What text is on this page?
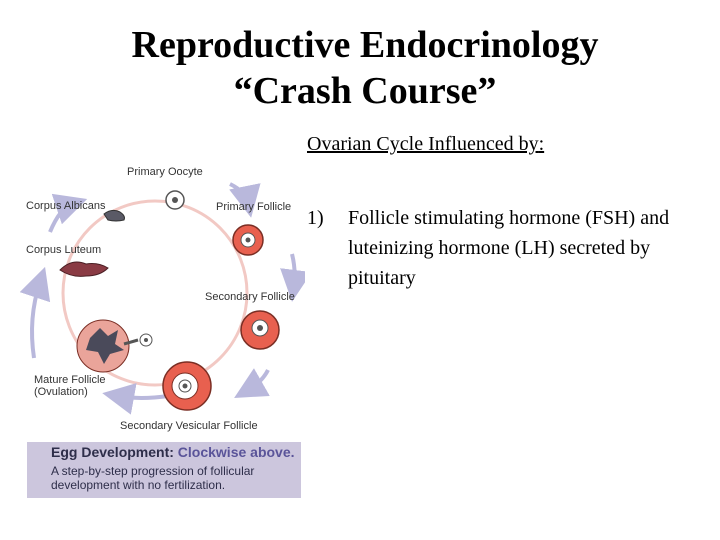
Reproductive Endocrinology
“Crash Course”
Ovarian Cycle Influenced by:
1) Follicle stimulating hormone (FSH) and luteinizing hormone (LH) secreted by pituitary
Primary Oocyte
Primary Follicle
Secondary Follicle
Secondary Vesicular Follicle
Mature Follicle
(Ovulation)
Corpus Luteum
Corpus Albicans
Egg Development: Clockwise above.
A step-by-step progression of follicular development with no fertilization.
